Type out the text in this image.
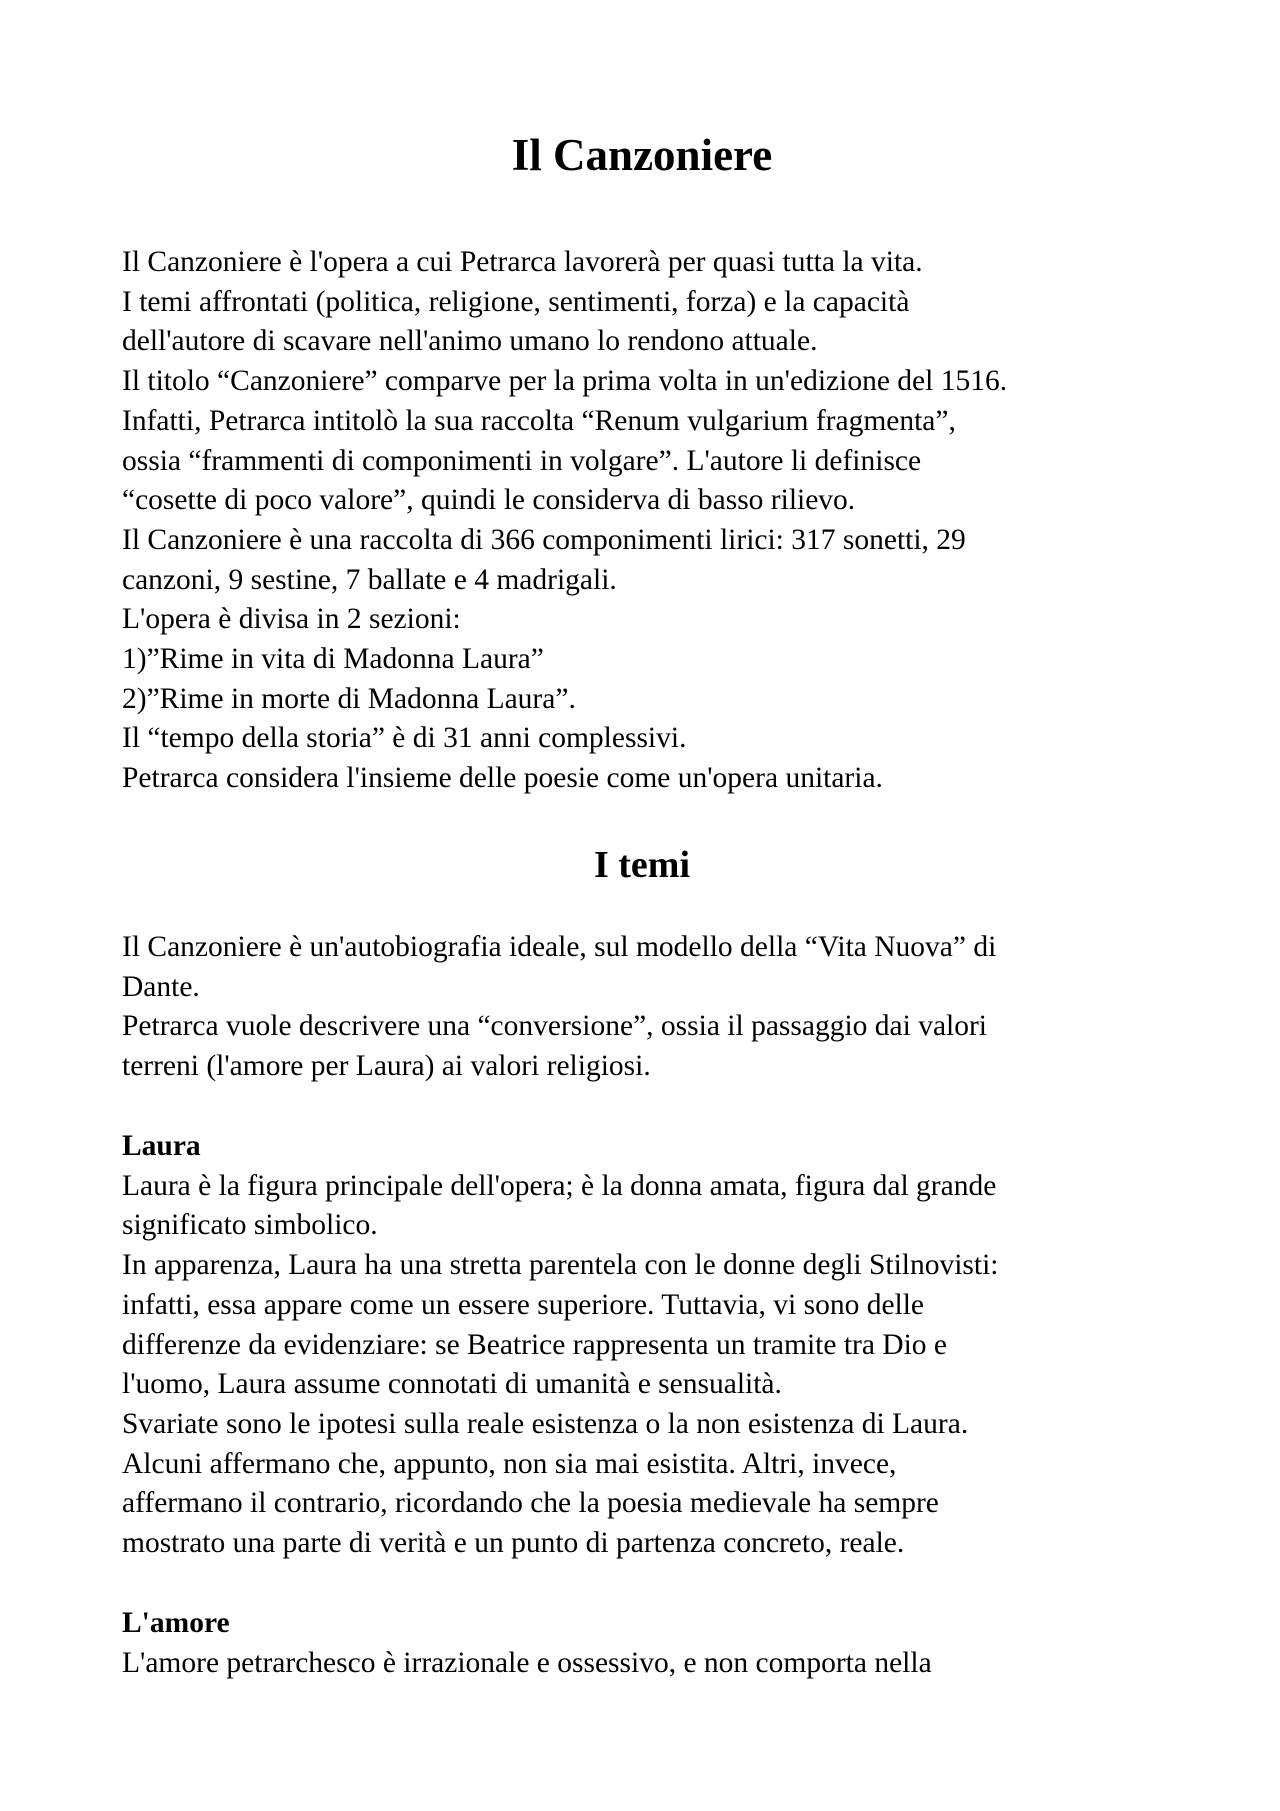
Il Canzoniere
Il Canzoniere è l'opera a cui Petrarca lavorerà per quasi tutta la vita.
I temi affrontati (politica, religione, sentimenti, forza) e la capacità
dell'autore di scavare nell'animo umano lo rendono attuale.
Il titolo “Canzoniere” comparve per la prima volta in un'edizione del 1516.
Infatti, Petrarca intitolò la sua raccolta “Renum vulgarium fragmenta”,
ossia “frammenti di componimenti in volgare”. L'autore li definisce
“cosette di poco valore”, quindi le considerva di basso rilievo.
Il Canzoniere è una raccolta di 366 componimenti lirici: 317 sonetti, 29
canzoni, 9 sestine, 7 ballate e 4 madrigali.
L'opera è divisa in 2 sezioni:
1)”Rime in vita di Madonna Laura”
2)”Rime in morte di Madonna Laura”.
Il “tempo della storia” è di 31 anni complessivi.
Petrarca considera l'insieme delle poesie come un'opera unitaria.
I temi
Il Canzoniere è un'autobiografia ideale, sul modello della “Vita Nuova” di
Dante.
Petrarca vuole descrivere una “conversione”, ossia il passaggio dai valori
terreni (l'amore per Laura) ai valori religiosi.
Laura
Laura è la figura principale dell'opera; è la donna amata, figura dal grande
significato simbolico.
In apparenza, Laura ha una stretta parentela con le donne degli Stilnovisti:
infatti, essa appare come un essere superiore. Tuttavia, vi sono delle
differenze da evidenziare: se Beatrice rappresenta un tramite tra Dio e
l'uomo, Laura assume connotati di umanità e sensualità.
Svariate sono le ipotesi sulla reale esistenza o la non esistenza di Laura.
Alcuni affermano che, appunto, non sia mai esistita. Altri, invece,
affermano il contrario, ricordando che la poesia medievale ha sempre
mostrato una parte di verità e un punto di partenza concreto, reale.
L'amore
L'amore petrarchesco è irrazionale e ossessivo, e non comporta nella
